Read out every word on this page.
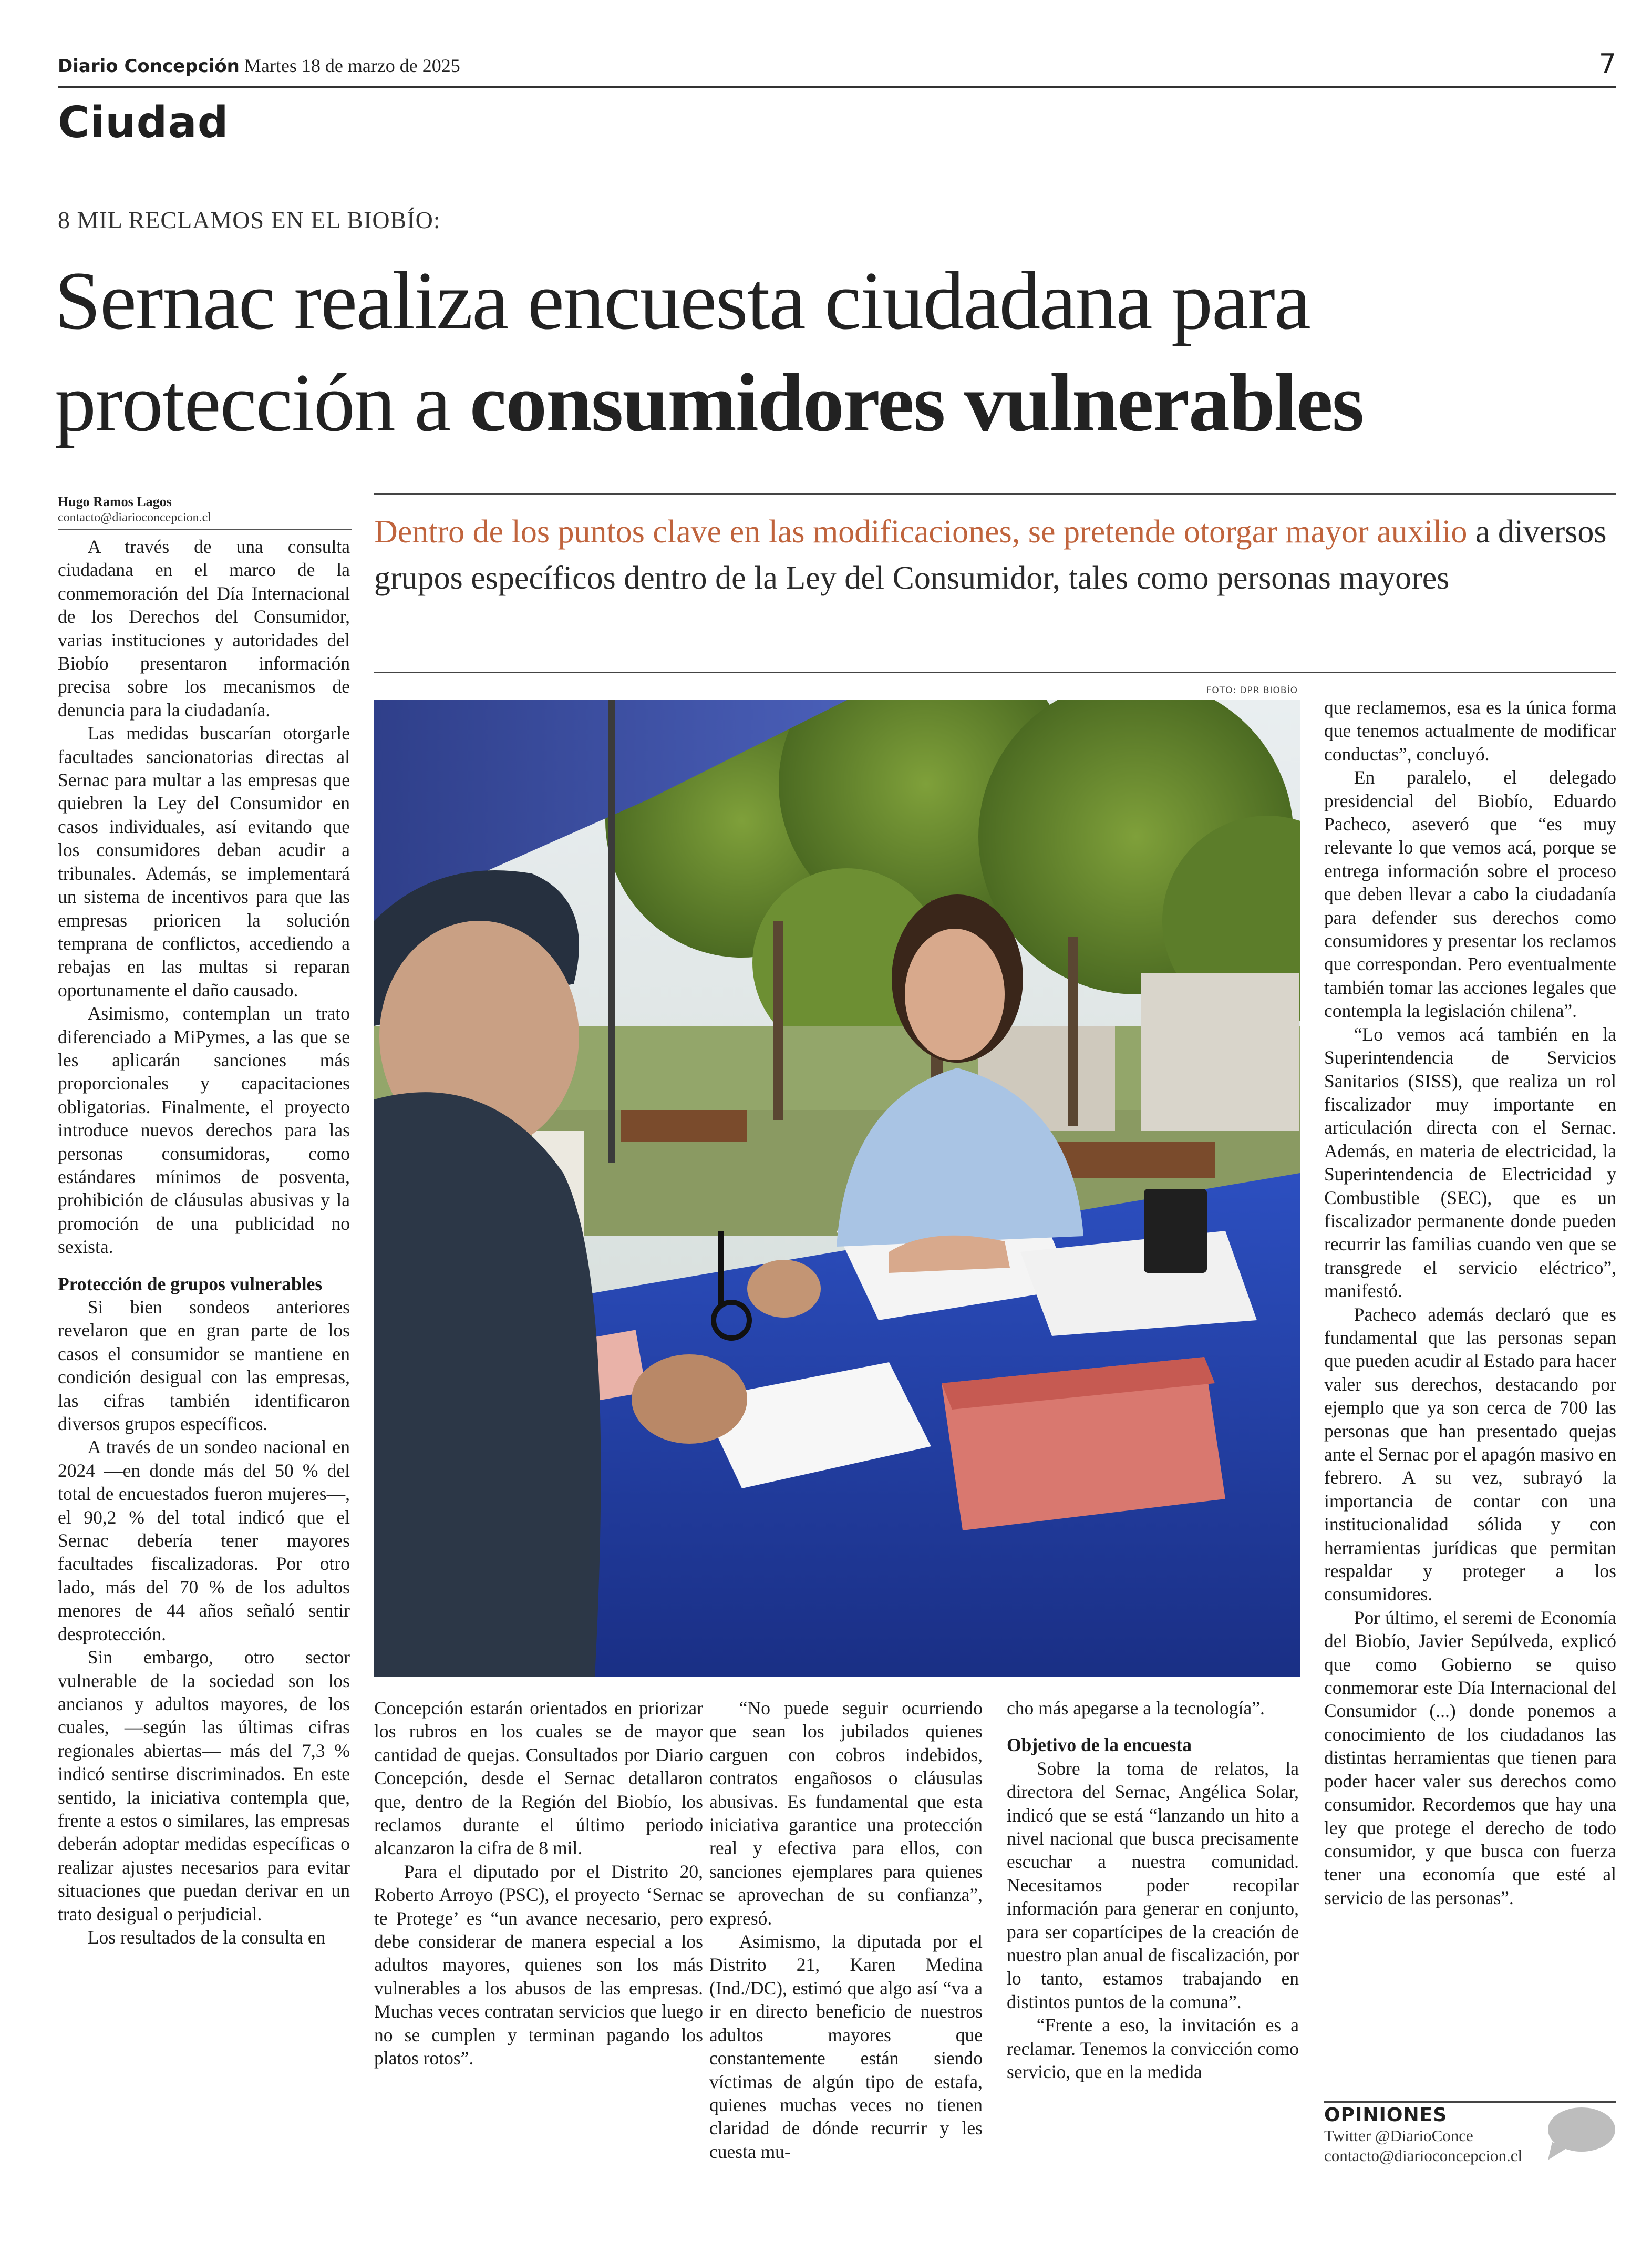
Diario Concepción Martes 18 de marzo de 2025	7
Ciudad
8 MIL RECLAMOS EN EL BIOBÍO:
Sernac realiza encuesta ciudadana para
protección a consumidores vulnerables
Hugo Ramos Lagos
contacto@diarioconcepcion.cl	Dentro de los puntos clave en las modificaciones, se pretende otorgar mayor auxilio a diversos grupos específicos dentro de la Ley del Consumidor, tales como personas mayores

A través de una consulta ciudadana en el marco de la conmemoración del Día Internacional de los Derechos del Consumidor, varias instituciones y autoridades del Biobío presentaron información precisa sobre los mecanismos de denuncia para la ciudadanía.

Las medidas buscarían otorgarle facultades sancionatorias directas al Sernac para multar a las empresas que quiebren la Ley del Consumidor en casos individuales, así evitando que los consumidores deban acudir a tribunales. Además, se implementará un sistema de incentivos para que las empresas prioricen la solución temprana de conflictos, accediendo a rebajas en las multas si reparan oportunamente el daño causado.

Asimismo, contemplan un trato diferenciado a MiPymes, a las que se les aplicarán sanciones más proporcionales y capacitaciones obligatorias. Finalmente, el proyecto introduce nuevos derechos para las personas consumidoras, como estándares mínimos de posventa, prohibición de cláusulas abusivas y la promoción de una publicidad no sexista.

Protección de grupos vulnerables

Si bien sondeos anteriores revelaron que en gran parte de los casos el consumidor se mantiene en condición desigual con las empresas, las cifras también identificaron diversos grupos específicos.

A través de un sondeo nacional en 2024 —en donde más del 50 % del total de encuestados fueron mujeres—, el 90,2 % del total indicó que el Sernac debería tener mayores facultades fiscalizadoras. Por otro lado, más del 70 % de los adultos menores de 44 años señaló sentir desprotección.

Sin embargo, otro sector vulnerable de la sociedad son los ancianos y adultos mayores, de los cuales, —según las últimas cifras regionales abiertas— más del 7,3 % indicó sentirse discriminados. En este sentido, la iniciativa contempla que, frente a estos o similares, las empresas deberán adoptar medidas específicas o realizar ajustes necesarios para evitar situaciones que puedan derivar en un trato desigual o perjudicial.

Los resultados de la consulta en

FOTO: DPR BIOBÍO

Concepción estarán orientados en priorizar los rubros en los cuales se de mayor cantidad de quejas. Consultados por Diario Concepción, desde el Sernac detallaron que, dentro de la Región del Biobío, los reclamos durante el último periodo alcanzaron la cifra de 8 mil.

Para el diputado por el Distrito 20, Roberto Arroyo (PSC), el proyecto ‘Sernac te Protege’ es “un avance necesario, pero debe considerar de manera especial a los adultos mayores, quienes son los más vulnerables a los abusos de las empresas. Muchas veces contratan servicios que luego no se cumplen y terminan pagando los platos rotos”.

“No puede seguir ocurriendo que sean los jubilados quienes carguen con cobros indebidos, contratos engañosos o cláusulas abusivas. Es fundamental que esta iniciativa garantice una protección real y efectiva para ellos, con sanciones ejemplares para quienes se aprovechan de su confianza”, expresó.

Asimismo, la diputada por el Distrito 21, Karen Medina (Ind./DC), estimó que algo así “va a ir en directo beneficio de nuestros adultos mayores que constantemente están siendo víctimas de algún tipo de estafa, quienes muchas veces no tienen claridad de dónde recurrir y les cuesta mu-

cho más apegarse a la tecnología”.

Objetivo de la encuesta

Sobre la toma de relatos, la directora del Sernac, Angélica Solar, indicó que se está “lanzando un hito a nivel nacional que busca precisamente escuchar a nuestra comunidad. Necesitamos poder recopilar información para generar en conjunto, para ser copartícipes de la creación de nuestro plan anual de fiscalización, por lo tanto, estamos trabajando en distintos puntos de la comuna”.

“Frente a eso, la invitación es a reclamar. Tenemos la convicción como servicio, que en la medida

que reclamemos, esa es la única forma que tenemos actualmente de modificar conductas”, concluyó.

En paralelo, el delegado presidencial del Biobío, Eduardo Pacheco, aseveró que “es muy relevante lo que vemos acá, porque se entrega información sobre el proceso que deben llevar a cabo la ciudadanía para defender sus derechos como consumidores y presentar los reclamos que correspondan. Pero eventualmente también tomar las acciones legales que contempla la legislación chilena”.

“Lo vemos acá también en la Superintendencia de Servicios Sanitarios (SISS), que realiza un rol fiscalizador muy importante en articulación directa con el Sernac. Además, en materia de electricidad, la Superintendencia de Electricidad y Combustible (SEC), que es un fiscalizador permanente donde pueden recurrir las familias cuando ven que se transgrede el servicio eléctrico”, manifestó.

Pacheco además declaró que es fundamental que las personas sepan que pueden acudir al Estado para hacer valer sus derechos, destacando por ejemplo que ya son cerca de 700 las personas que han presentado quejas ante el Sernac por el apagón masivo en febrero. A su vez, subrayó la importancia de contar con una institucionalidad sólida y con herramientas jurídicas que permitan respaldar y proteger a los consumidores.

Por último, el seremi de Economía del Biobío, Javier Sepúlveda, explicó que como Gobierno se quiso conmemorar este Día Internacional del Consumidor (...) donde ponemos a conocimiento de los ciudadanos las distintas herramientas que tienen para poder hacer valer sus derechos como consumidor. Recordemos que hay una ley que protege el derecho de todo consumidor, y que busca con fuerza tener una economía que esté al servicio de las personas”.

OPINIONES
Twitter @DiarioConce
contacto@diarioconcepcion.cl
